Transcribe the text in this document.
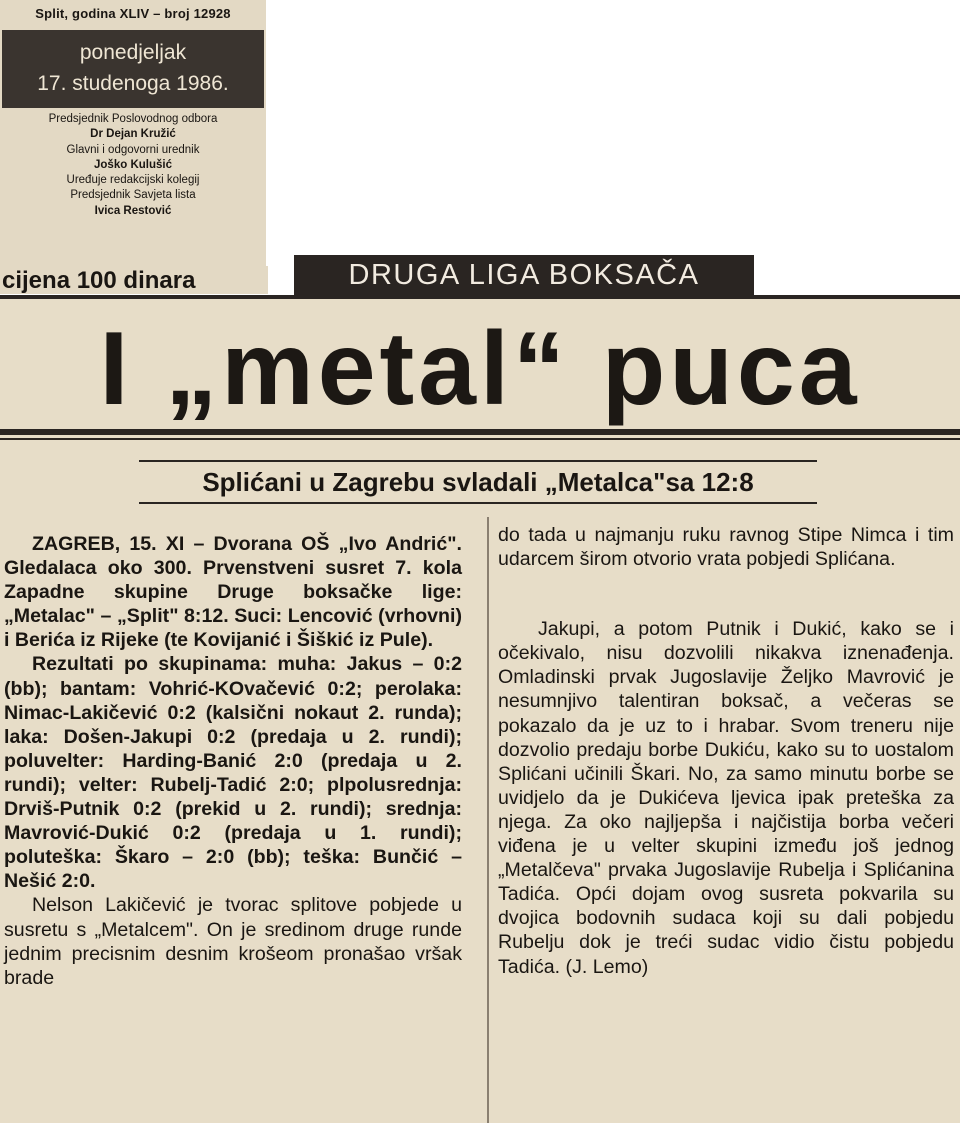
Split, godina XLIV – broj 12928
ponedjeljak
17. studenoga 1986.
Predsjednik Poslovodnog odbora
Dr Dejan Kružić
Glavni i odgovorni urednik
Joško Kulušić
Uređuje redakcijski kolegij
Predsjednik Savjeta lista
Ivica Restović
cijena 100 dinara	DRUGA LIGA BOKSAČA
I „metal“ puca
Splićani u Zagrebu svladali „Metalca"sa 12:8

ZAGREB, 15. XI – Dvorana OŠ „Ivo Andrić". Gledalaca oko 300. Prvenstveni susret 7. kola Zapadne skupine Druge boksačke lige: „Metalac" – „Split" 8:12. Suci: Lencović (vrhovni) i Berića iz Rijeke (te Kovijanić i Šiškić iz Pule).

Rezultati po skupinama: muha: Jakus – 0:2 (bb); bantam: Vohrić-KOvačević 0:2; perolaka: Nimac-Lakičević 0:2 (kalsični nokaut 2. runda); laka: Došen-Jakupi 0:2 (predaja u 2. rundi); poluvelter: Harding-Banić 2:0 (predaja u 2. rundi); velter: Rubelj-Tadić 2:0; plpolusrednja: Drviš-Putnik 0:2 (prekid u 2. rundi); srednja: Mavrović-Dukić 0:2 (predaja u 1. rundi); poluteška: Škaro – 2:0 (bb); teška: Bunčić – Nešić 2:0.

Nelson Lakičević je tvorac splitove pobjede u susretu s „Metalcem". On je sredinom druge runde jednim precisnim desnim krošeom pronašao vršak brade

do tada u najmanju ruku ravnog Stipe Nimca i tim udarcem širom otvorio vrata pobjedi Splićana.

Jakupi, a potom Putnik i Dukić, kako se i očekivalo, nisu dozvolili nikakva iznenađenja. Omladinski prvak Jugoslavije Željko Mavrović je nesumnjivo talentiran boksač, a večeras se pokazalo da je uz to i hrabar. Svom treneru nije dozvolio predaju borbe Dukiću, kako su to uostalom Splićani učinili Škari. No, za samo minutu borbe se uvidjelo da je Dukićeva ljevica ipak preteška za njega. Za oko najljepša i najčistija borba večeri viđena je u velter skupini između još jednog „Metalčeva" prvaka Jugoslavije Rubelja i Splićanina Tadića. Opći dojam ovog susreta pokvarila su dvojica bodovnih sudaca koji su dali pobjedu Rubelju dok je treći sudac vidio čistu pobjedu Tadića. (J. Lemo)
